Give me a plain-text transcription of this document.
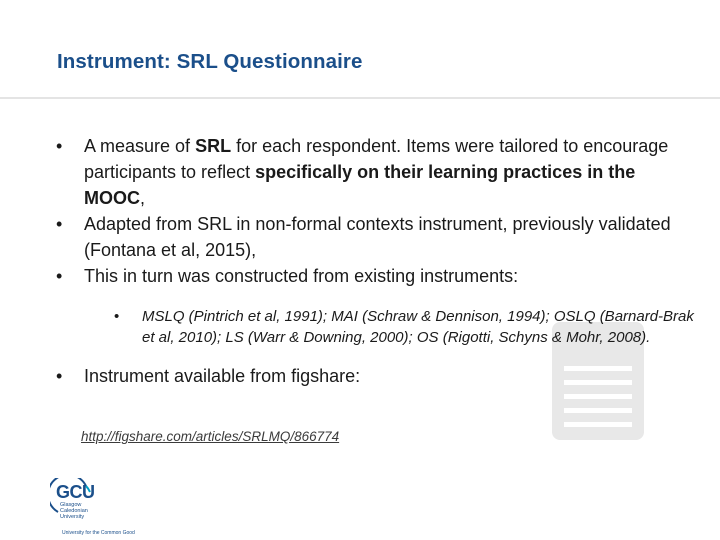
Instrument: SRL Questionnaire
• A measure of SRL for each respondent. Items were tailored to encourage participants to reflect specifically on their learning practices in the MOOC,
• Adapted from SRL in non-formal contexts instrument, previously validated (Fontana et al, 2015),
• This in turn was constructed from existing instruments:
•	MSLQ (Pintrich et al, 1991); MAI (Schraw & Dennison, 1994); OSLQ (Barnard-Brak et al, 2010); LS (Warr & Downing, 2000); OS (Rigotti, Schyns & Mohr, 2008).
• Instrument available from figshare:
http://figshare.com/articles/SRLMQ/866774
GCU
Glasgow Caledonian University
University for the Common Good
